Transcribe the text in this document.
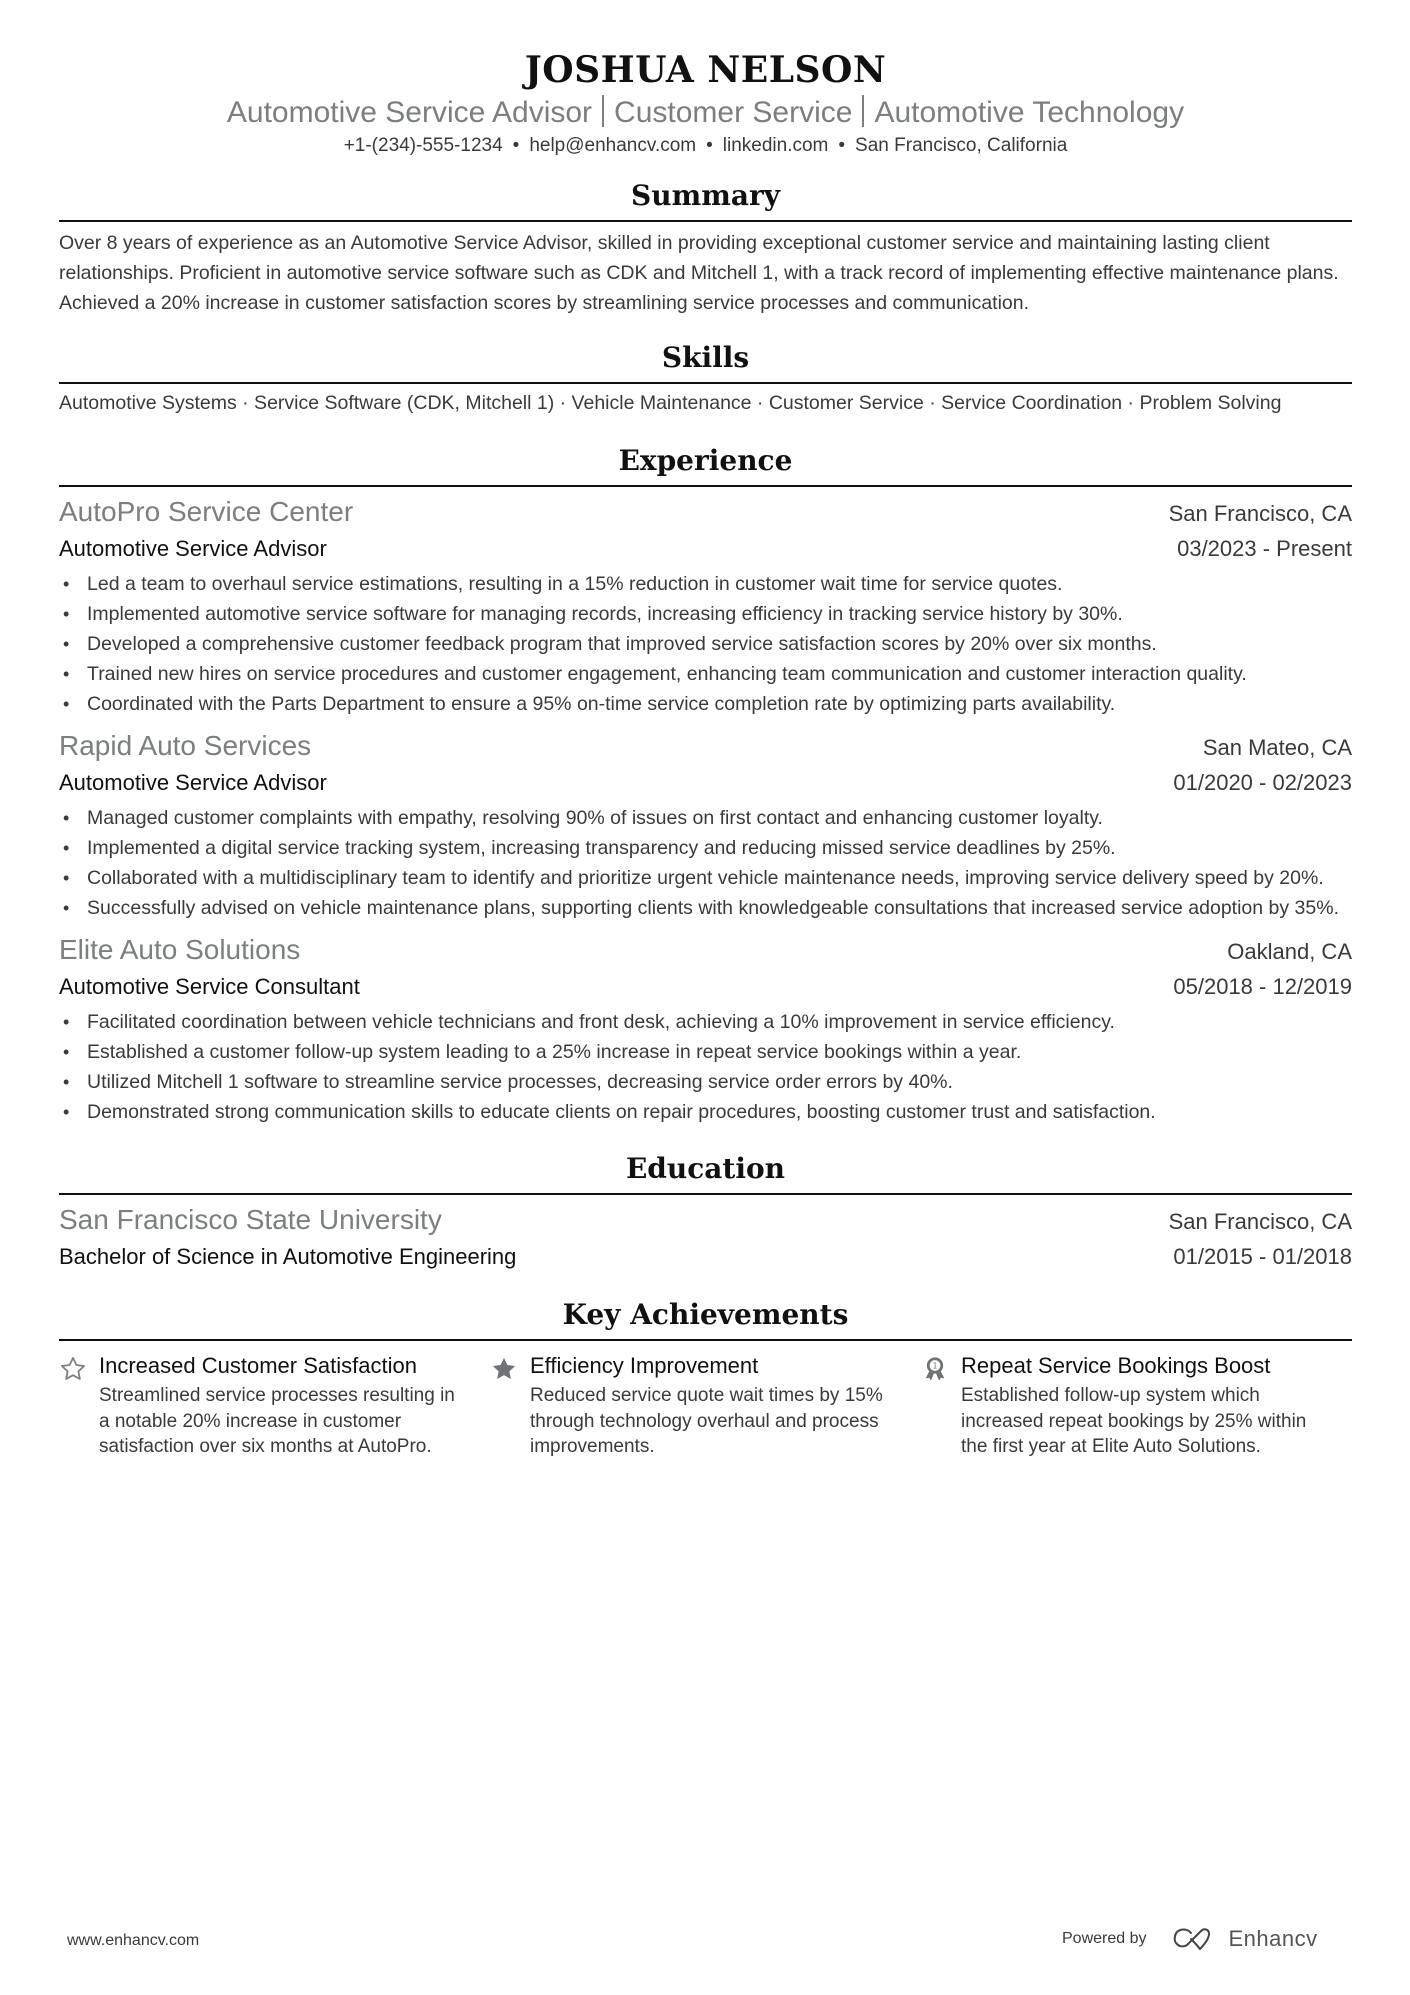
JOSHUA NELSON
Automotive Service Advisor Customer Service Automotive Technology
+1-(234)-555-1234 • help@enhancv.com • linkedin.com • San Francisco, California
Summary
Over 8 years of experience as an Automotive Service Advisor, skilled in providing exceptional customer service and maintaining lasting client relationships. Proficient in automotive service software such as CDK and Mitchell 1, with a track record of implementing effective maintenance plans. Achieved a 20% increase in customer satisfaction scores by streamlining service processes and communication.
Skills
Automotive Systems · Service Software (CDK, Mitchell 1) · Vehicle Maintenance · Customer Service · Service Coordination · Problem Solving
Experience
AutoPro Service Center	San Francisco, CA
Automotive Service Advisor	03/2023 - Present
• Led a team to overhaul service estimations, resulting in a 15% reduction in customer wait time for service quotes.
• Implemented automotive service software for managing records, increasing efficiency in tracking service history by 30%.
• Developed a comprehensive customer feedback program that improved service satisfaction scores by 20% over six months.
• Trained new hires on service procedures and customer engagement, enhancing team communication and customer interaction quality.
• Coordinated with the Parts Department to ensure a 95% on-time service completion rate by optimizing parts availability.
Rapid Auto Services	San Mateo, CA
Automotive Service Advisor	01/2020 - 02/2023
• Managed customer complaints with empathy, resolving 90% of issues on first contact and enhancing customer loyalty.
• Implemented a digital service tracking system, increasing transparency and reducing missed service deadlines by 25%.
• Collaborated with a multidisciplinary team to identify and prioritize urgent vehicle maintenance needs, improving service delivery speed by 20%.
• Successfully advised on vehicle maintenance plans, supporting clients with knowledgeable consultations that increased service adoption by 35%.
Elite Auto Solutions	Oakland, CA
Automotive Service Consultant	05/2018 - 12/2019
• Facilitated coordination between vehicle technicians and front desk, achieving a 10% improvement in service efficiency.
• Established a customer follow-up system leading to a 25% increase in repeat service bookings within a year.
• Utilized Mitchell 1 software to streamline service processes, decreasing service order errors by 40%.
• Demonstrated strong communication skills to educate clients on repair procedures, boosting customer trust and satisfaction.
Education
San Francisco State University	San Francisco, CA
Bachelor of Science in Automotive Engineering	01/2015 - 01/2018
Key Achievements
Increased Customer Satisfaction
Streamlined service processes resulting in a notable 20% increase in customer satisfaction over six months at AutoPro.
Efficiency Improvement
Reduced service quote wait times by 15% through technology overhaul and process improvements.
1 Repeat Service Bookings Boost
Established follow-up system which increased repeat bookings by 25% within the first year at Elite Auto Solutions.
www.enhancv.com	Powered by	Enhancv
